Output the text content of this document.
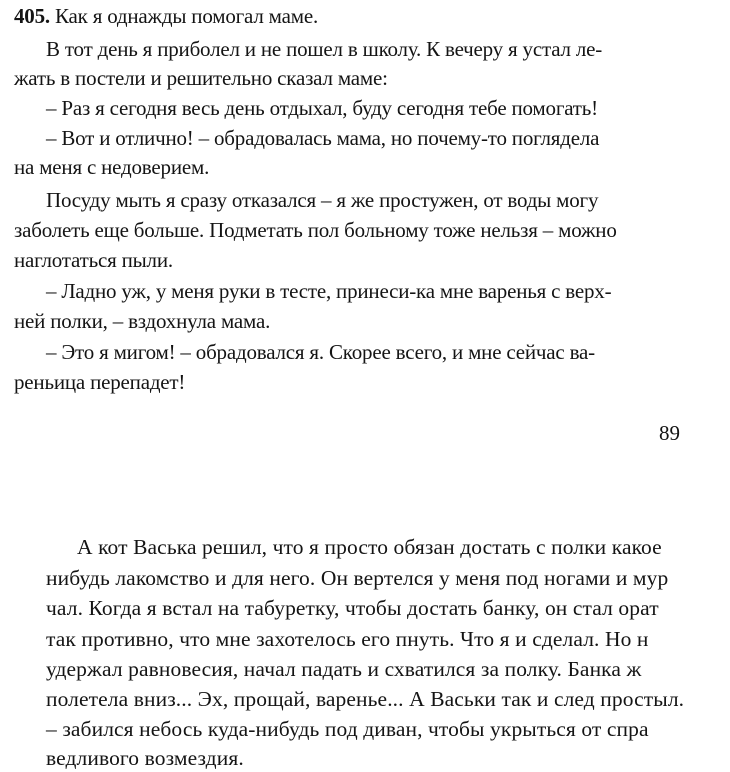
405. Как я однажды помогал маме.
В тот день я приболел и не пошел в школу. К вечеру я устал ле-
жать в постели и решительно сказал маме:
– Раз я сегодня весь день отдыхал, буду сегодня тебе помогать!
– Вот и отлично! – обрадовалась мама, но почему-то поглядела
на меня с недоверием.
Посуду мыть я сразу отказался – я же простужен, от воды могу
заболеть еще больше. Подметать пол больному тоже нельзя – можно
наглотаться пыли.
– Ладно уж, у меня руки в тесте, принеси-ка мне варенья с верх-
ней полки, – вздохнула мама.
– Это я мигом! – обрадовался я. Скорее всего, и мне сейчас ва-
реньица перепадет!
89
А кот Васька решил, что я просто обязан достать с полки какое
нибудь лакомство и для него. Он вертелся у меня под ногами и мур
чал. Когда я встал на табуретку, чтобы достать банку, он стал орат
так противно, что мне захотелось его пнуть. Что я и сделал. Но н
удержал равновесия, начал падать и схватился за полку. Банка ж
полетела вниз... Эх, прощай, варенье... А Васьки так и след простыл.
– забился небось куда-нибудь под диван, чтобы укрыться от спра
ведливого возмездия.
